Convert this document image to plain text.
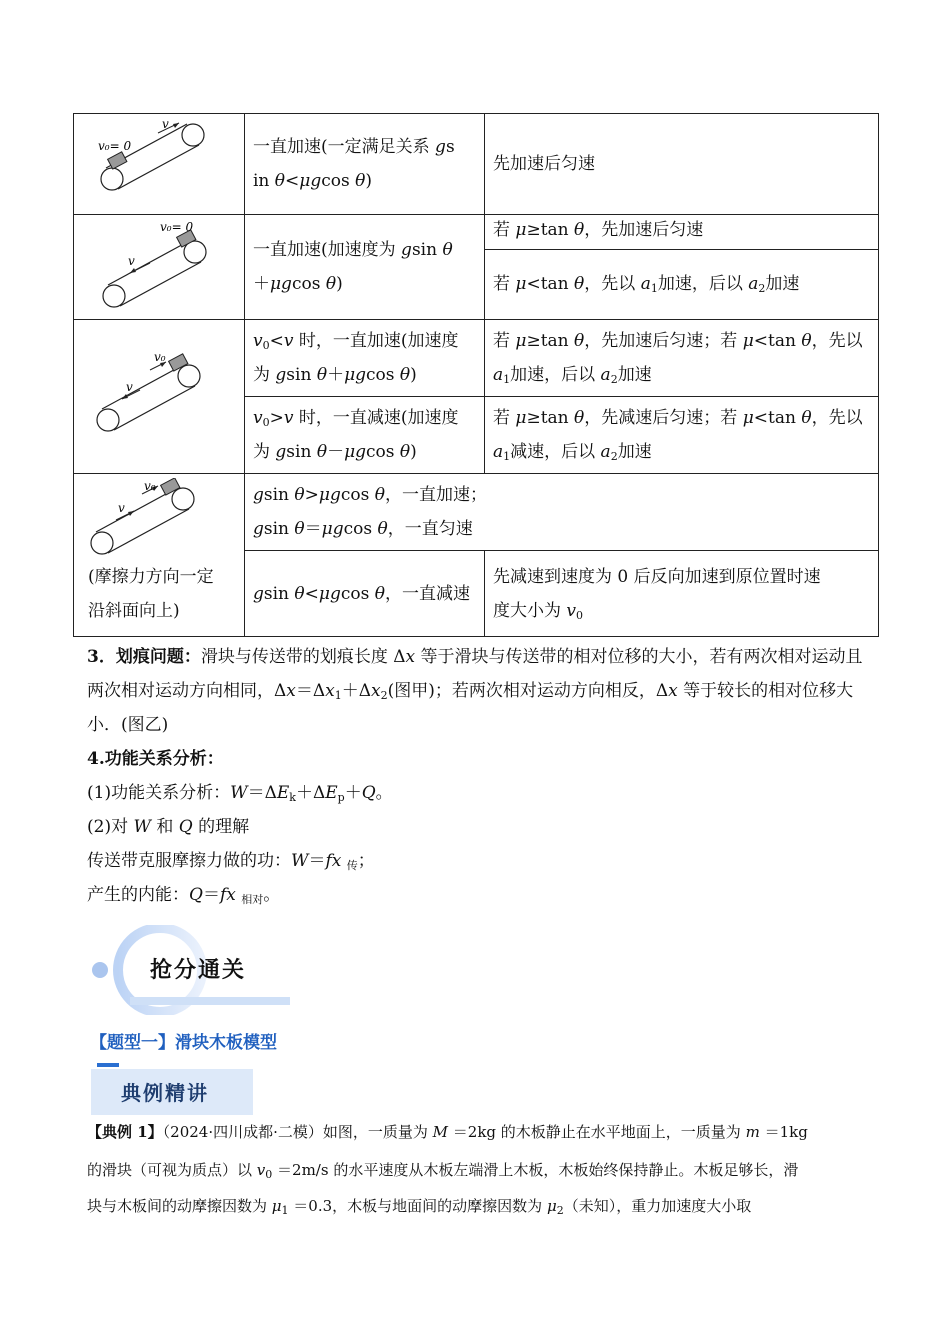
v₀= 0
v	一直加速(一定满足关系 gs
in θ<μgcos θ)	先加速后匀速

v₀= 0
v	一直加速(加速度为 gsin θ
＋μgcos θ)	若 μ≥tan θ，先加速后匀速
		若 μ<tan θ，先以 $a_1$加速，后以 $a_2$加速

v₀
v	$v_0<v$ 时，一直加速(加速度
为 gsin θ＋μgcos θ)	若 μ≥tan θ，先加速后匀速；若 μ<tan θ，先以
$a_1$加速，后以 $a_2$加速
	$v_0>v$ 时，一直减速(加速度
为 gsin θ－μgcos θ)	若 μ≥tan θ，先减速后匀速；若 μ<tan θ，先以
$a_1$减速，后以 $a_2$加速

v₀
v
(摩擦力方向一定沿斜面向上)	gsin θ>μgcos θ，一直加速；
gsin θ＝μgcos θ，一直匀速	
	gsin θ<μgcos θ，一直减速	先减速到速度为 0 后反向加速到原位置时速
度大小为 $v_0$
3．划痕问题：滑块与传送带的划痕长度 Δx 等于滑块与传送带的相对位移的大小，若有两次相对运动且两次相对运动方向相同，$\Delta x=\Delta x_1+\Delta x_2$(图甲)；若两次相对运动方向相反，Δx 等于较长的相对位移大小．(图乙)
4.功能关系分析：
(1)功能关系分析：$W=\Delta E_k+\Delta E_p+Q$。
(2)对 W 和 Q 的理解
传送带克服摩擦力做的功：W＝fx $_传$；
产生的内能：Q＝fx $_{相对}$。
抢分通关
【题型一】滑块木板模型
典例精讲
【典例 1】（2024·四川成都·二模）如图，一质量为 M ＝2kg 的木板静止在水平地面上，一质量为 m ＝1kg
的滑块（可视为质点）以 $v_0 =2m/s$ 的水平速度从木板左端滑上木板，木板始终保持静止。木板足够长，滑
块与木板间的动摩擦因数为 $\mu_1 =0.3$，木板与地面间的动摩擦因数为 $\mu_2$（未知），重力加速度大小取
